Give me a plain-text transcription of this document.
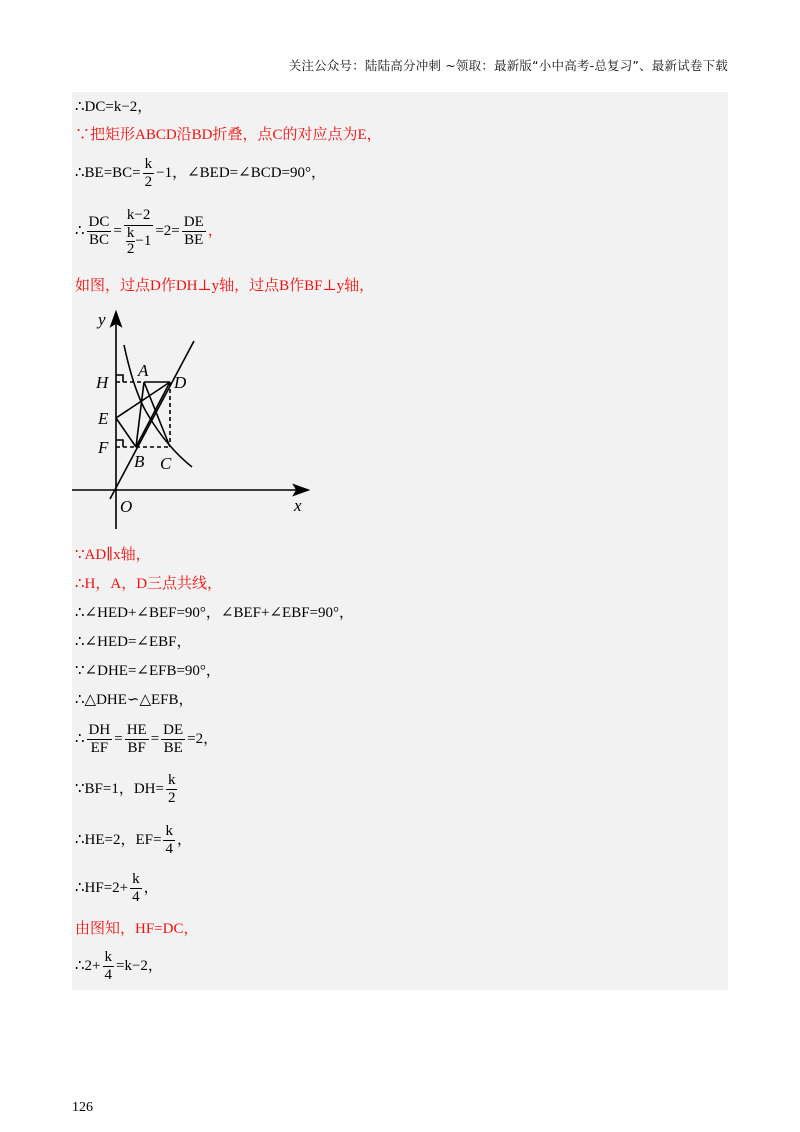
关注公众号：陆陆高分冲刺 ~领取：最新版“小中高考-总复习”、最新试卷下载
∴DC=k−2，
∵把矩形ABCD沿BD折叠，点C的对应点为E，
∴BE=BC= $\frac{k}{2} -1$，∠BED=∠BCD=90°，
∴ $\frac{DC}{BC} = \frac{k-2}{\frac{k}{2} -1} =2= \frac{DE}{BE}$ ，
如图，过点D作DH⊥y轴，过点B作BF⊥y轴，
y
x
O
H
A
D
E
F
B C
∵AD∥x轴，
∴H，A，D三点共线，
∴∠HED+∠BEF=90°，∠BEF+∠EBF=90°，
∴∠HED=∠EBF，
∵∠DHE=∠EFB=90°，
∴△DHE∽△EFB，
∴ $\frac{DH}{EF} = \frac{HE}{BF} = \frac{DE}{BE} =2$，
∵BF=1，$DH= \frac{k}{2}$
∴HE=2，$EF= \frac{k}{4}$ ，
∴HF=2+ $\frac{k}{4}$ ，
由图知，HF=DC，
∴2+ $\frac{k}{4} =k-2$，
126
